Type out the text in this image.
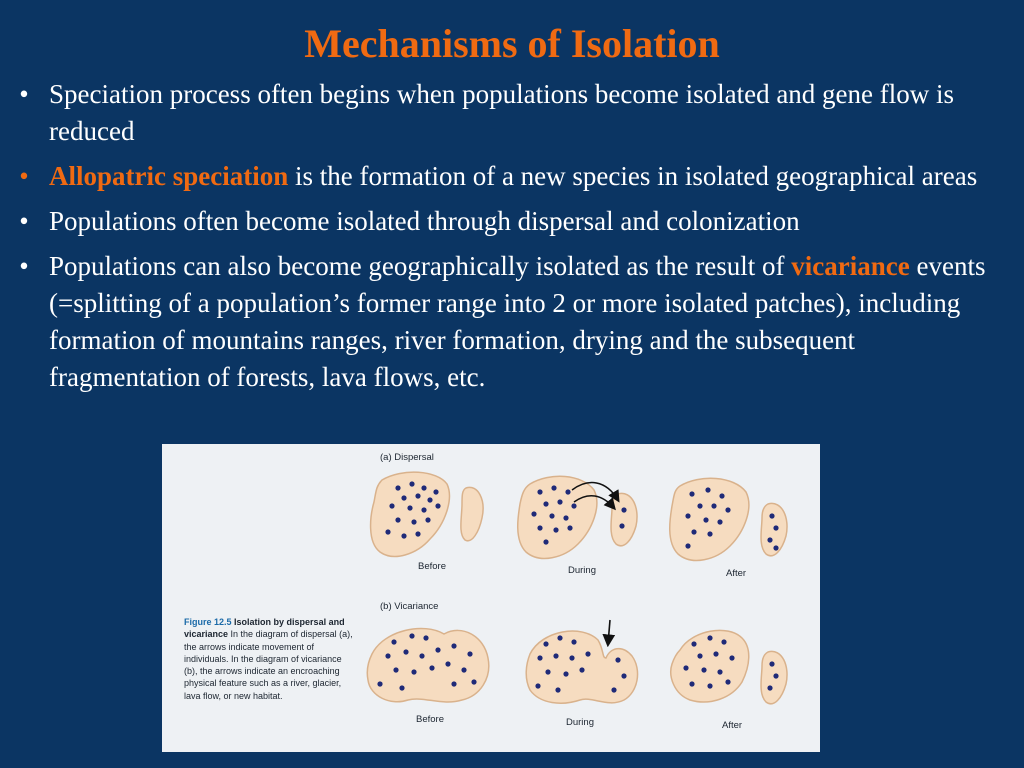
Mechanisms of Isolation
• Speciation process often begins when populations become isolated and gene flow is reduced
• Allopatric speciation is the formation of a new species in isolated geographical areas
• Populations often become isolated through dispersal and colonization
• Populations can also become geographically isolated as the result of vicariance events (=splitting of a population’s former range into 2 or more isolated patches), including formation of mountains ranges, river formation, drying and the subsequent fragmentation of forests, lava flows, etc.
(a) Dispersal
Before	During	After
(b) Vicariance
Before	During	After
Figure 12.5 Isolation by dispersal and vicariance In the diagram of dispersal (a), the arrows indicate movement of individuals. In the diagram of vicariance (b), the arrows indicate an encroaching physical feature such as a river, glacier, lava flow, or new habitat.
